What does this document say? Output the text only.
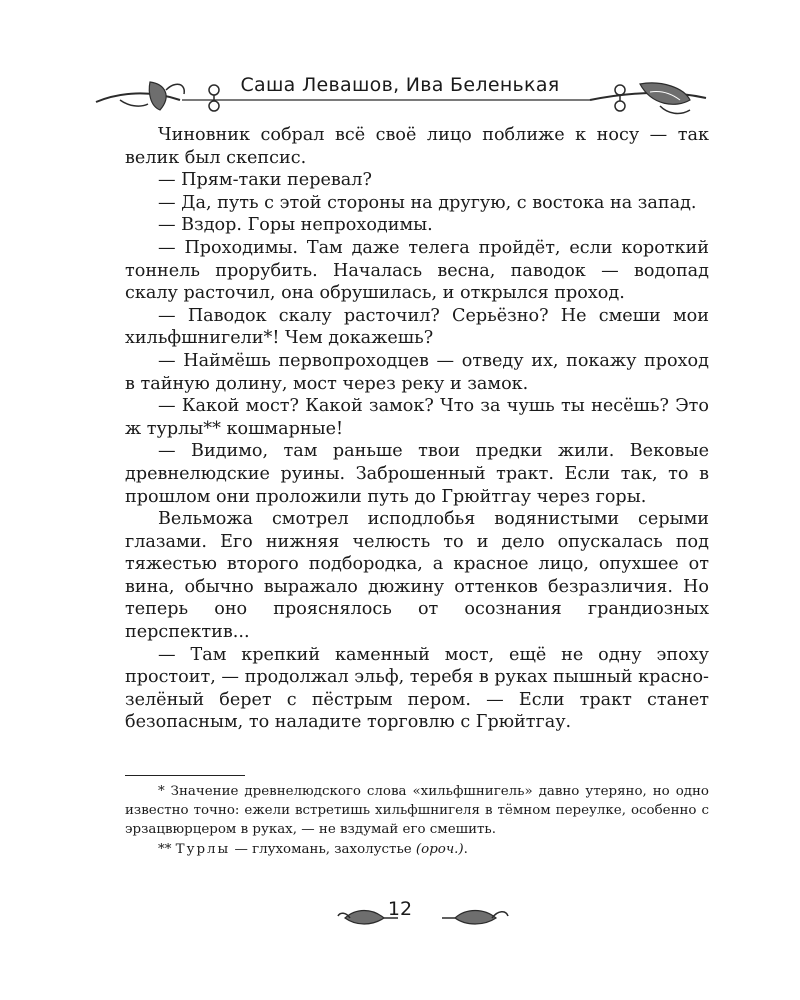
Саша Левашов, Ива Беленькая

Чиновник собрал всё своё лицо поближе к носу — так велик был скепсис.

— Прям-таки перевал?

— Да, путь с этой стороны на другую, с востока на запад.

— Вздор. Горы непроходимы.

— Проходимы. Там даже телега пройдёт, если короткий тоннель прорубить. Началась весна, паводок — водопад скалу расточил, она обрушилась, и открылся проход.

— Паводок скалу расточил? Серьёзно? Не смеши мои хильфшнигели*! Чем докажешь?

— Наймёшь первопроходцев — отведу их, покажу проход в тайную долину, мост через реку и замок.

— Какой мост? Какой замок? Что за чушь ты несёшь? Это ж турлы** кошмарные!

— Видимо, там раньше твои предки жили. Вековые древнелюдские руины. Заброшенный тракт. Если так, то в прошлом они проложили путь до Грюйтгау через горы.

Вельможа смотрел исподлобья водянистыми серыми глазами. Его нижняя челюсть то и дело опускалась под тяжестью второго подбородка, а красное лицо, опухшее от вина, обычно выражало дюжину оттенков безразличия. Но теперь оно прояснялось от осознания грандиозных перспектив...

— Там крепкий каменный мост, ещё не одну эпоху простоит, — продолжал эльф, теребя в руках пышный красно-зелёный берет с пёстрым пером. — Если тракт станет безопасным, то наладите торговлю с Грюйтгау.

* Значение древнелюдского слова «хильфшнигель» давно утеряно, но одно известно точно: ежели встретишь хильфшнигеля в тёмном переулке, особенно с эрзацвюрцером в руках, — не вздумай его смешить.

** Турлы — глухомань, захолустье (ороч.).

12
